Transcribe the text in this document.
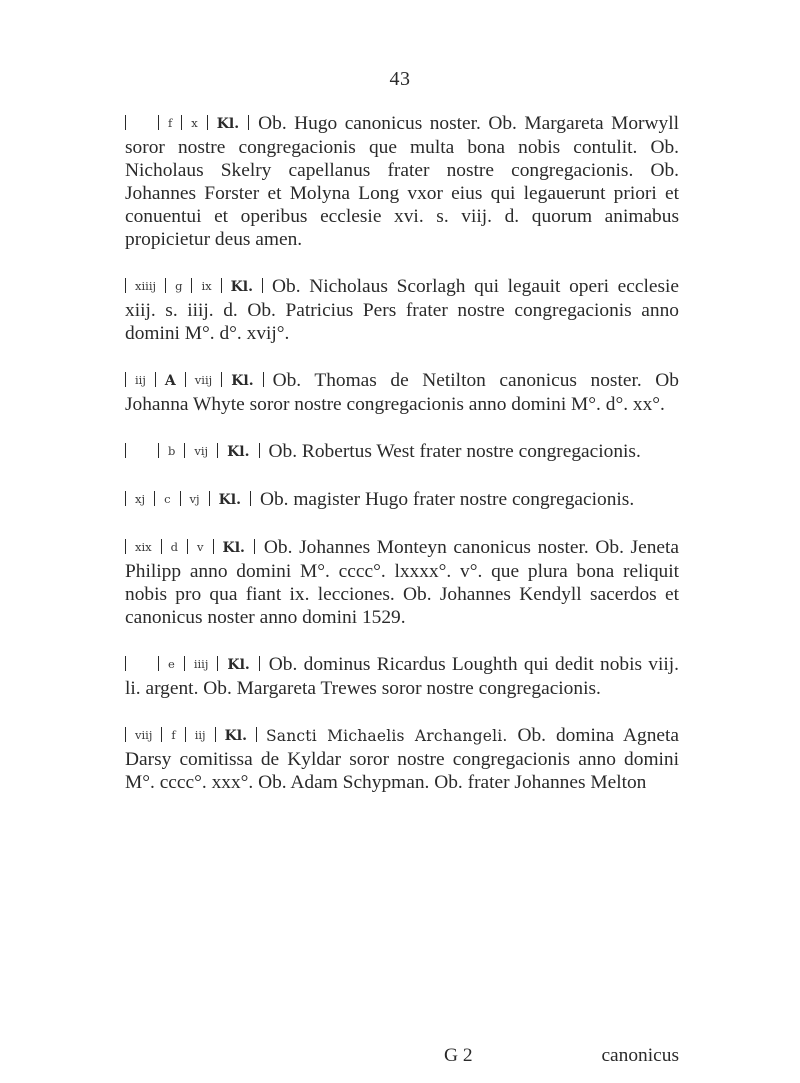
43

f x Kl. Ob. Hugo canonicus noster. Ob. Margareta Morwyll soror nostre congregacionis que multa bona nobis contulit. Ob. Nicholaus Skelry capellanus frater nostre congregacionis. Ob. Johannes Forster et Molyna Long vxor eius qui legauerunt priori et conuentui et operibus ecclesie xvi. s. viij. d. quorum animabus propicietur deus amen.

xiiij g ix Kl. Ob. Nicholaus Scorlagh qui legauit operi ecclesie xiij. s. iiij. d. Ob. Patricius Pers frater nostre congregacionis anno domini M°. d°. xvij°.

iij A viij Kl. Ob. Thomas de Netilton canonicus noster. Ob Johanna Whyte soror nostre congregacionis anno domini M°. d°. xx°.

b vij Kl. Ob. Robertus West frater nostre congregacionis.

xj c vj Kl. Ob. magister Hugo frater nostre congregacionis.

xix d v Kl. Ob. Johannes Monteyn canonicus noster. Ob. Jeneta Philipp anno domini M°. cccc°. lxxxx°. v°. que plura bona reliquit nobis pro qua fiant ix. lecciones. Ob. Johannes Kendyll sacerdos et canonicus noster anno domini 1529.

e iiij Kl. Ob. dominus Ricardus Loughth qui dedit nobis viij. li. argent. Ob. Margareta Trewes soror nostre congregacionis.

viij f iij Kl. Sancti Michaelis Archangeli. Ob. domina Agneta Darsy comitissa de Kyldar soror nostre congregacionis anno domini M°. cccc°. xxx°. Ob. Adam Schypman. Ob. frater Johannes Melton

G 2	canonicus
